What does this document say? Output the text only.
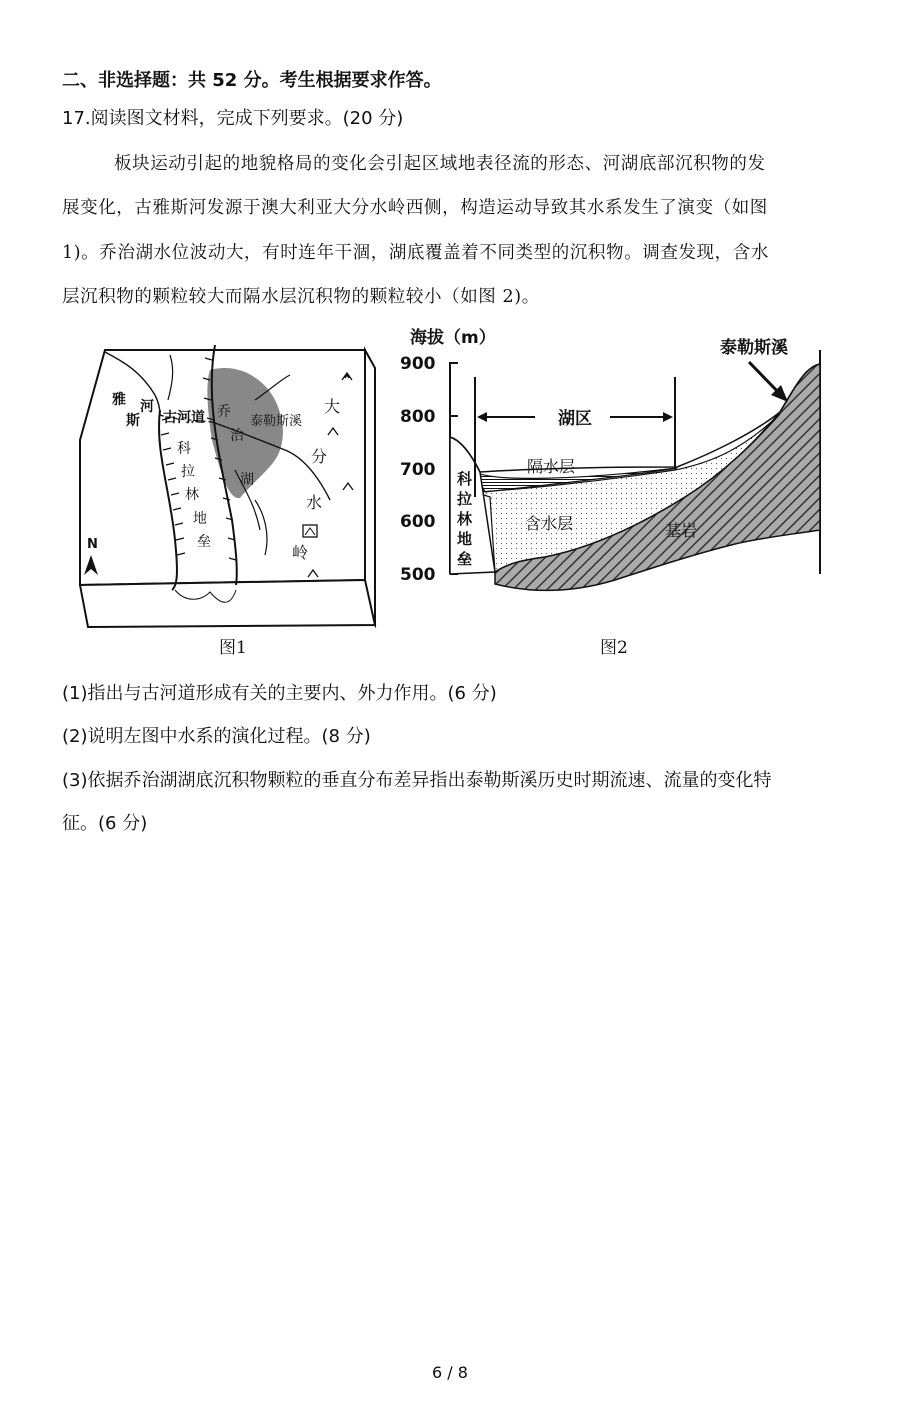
二、非选择题：共 52 分。考生根据要求作答。
17.阅读图文材料，完成下列要求。(20 分)
板块运动引起的地貌格局的变化会引起区域地表径流的形态、河湖底部沉积物的发
展变化，古雅斯河发源于澳大利亚大分水岭西侧，构造运动导致其水系发生了演变（如图
1)。乔治湖水位波动大，有时连年干涸，湖底覆盖着不同类型的沉积物。调查发现，含水
层沉积物的颗粒较大而隔水层沉积物的颗粒较小（如图 2)。
雅
斯
河
古河道
科
拉
林
地
垒
乔
治
湖
泰勒斯溪
大
分
水
岭
N
图1
海拔（m）
900
800
700
600
500
湖区
隔水层
含水层	基岩
泰勒斯溪
科
拉
林
地
垒
图2
(1)指出与古河道形成有关的主要内、外力作用。(6 分)
(2)说明左图中水系的演化过程。(8 分)
(3)依据乔治湖湖底沉积物颗粒的垂直分布差异指出泰勒斯溪历史时期流速、流量的变化特
征。(6 分)
6 / 8
